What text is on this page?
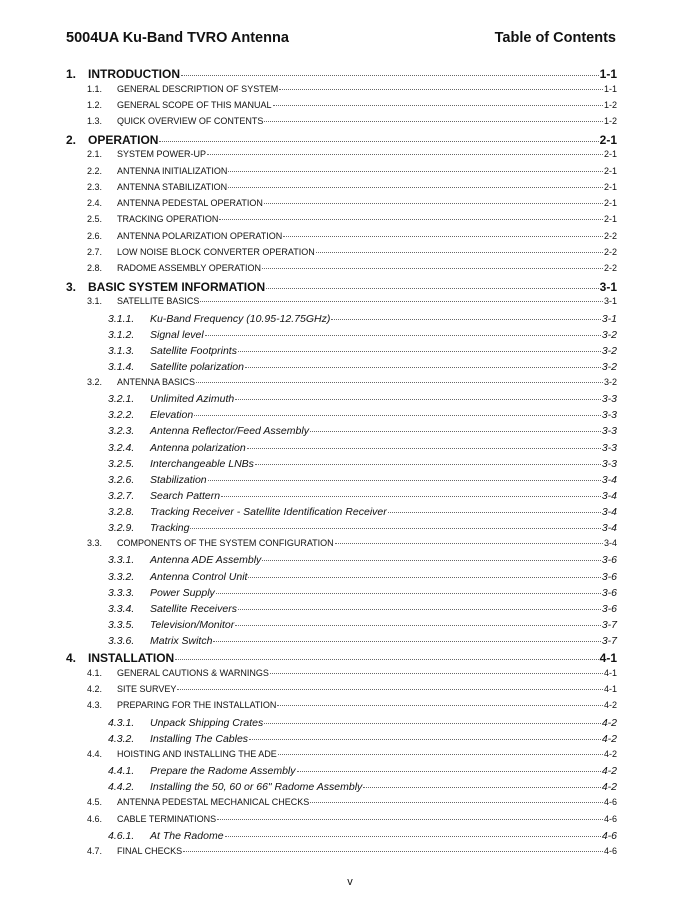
5004UA Ku-Band TVRO Antenna	Table of Contents
1. INTRODUCTION	1-1
1.1.	GENERAL DESCRIPTION OF SYSTEM	1-1
1.2.	GENERAL SCOPE OF THIS MANUAL	1-2
1.3.	QUICK OVERVIEW OF CONTENTS	1-2
2. OPERATION	2-1
2.1.	SYSTEM POWER-UP	2-1
2.2.	ANTENNA INITIALIZATION	2-1
2.3.	ANTENNA STABILIZATION	2-1
2.4.	ANTENNA PEDESTAL OPERATION	2-1
2.5.	TRACKING OPERATION	2-1
2.6.	ANTENNA POLARIZATION OPERATION	2-2
2.7.	LOW NOISE BLOCK CONVERTER OPERATION	2-2
2.8.	RADOME ASSEMBLY OPERATION	2-2
3. BASIC SYSTEM INFORMATION	3-1
3.1.	SATELLITE BASICS	3-1
3.1.1.	Ku-Band Frequency (10.95-12.75GHz)	3-1
3.1.2.	Signal level	3-2
3.1.3.	Satellite Footprints	3-2
3.1.4.	Satellite polarization	3-2
3.2.	ANTENNA BASICS	3-2
3.2.1.	Unlimited Azimuth	3-3
3.2.2.	Elevation	3-3
3.2.3.	Antenna Reflector/Feed Assembly	3-3
3.2.4.	Antenna polarization	3-3
3.2.5.	Interchangeable LNBs	3-3
3.2.6.	Stabilization	3-4
3.2.7.	Search Pattern	3-4
3.2.8.	Tracking Receiver - Satellite Identification Receiver	3-4
3.2.9.	Tracking	3-4
3.3.	COMPONENTS OF THE SYSTEM CONFIGURATION	3-4
3.3.1.	Antenna ADE Assembly	3-6
3.3.2.	Antenna Control Unit	3-6
3.3.3.	Power Supply	3-6
3.3.4.	Satellite Receivers	3-6
3.3.5.	Television/Monitor	3-7
3.3.6.	Matrix Switch	3-7
4. INSTALLATION	4-1
4.1.	GENERAL CAUTIONS & WARNINGS	4-1
4.2.	SITE SURVEY	4-1
4.3.	PREPARING FOR THE INSTALLATION	4-2
4.3.1.	Unpack Shipping Crates	4-2
4.3.2.	Installing The Cables	4-2
4.4.	HOISTING AND INSTALLING THE ADE	4-2
4.4.1.	Prepare the Radome Assembly	4-2
4.4.2.	Installing the 50, 60 or 66" Radome Assembly	4-2
4.5.	ANTENNA PEDESTAL MECHANICAL CHECKS	4-6
4.6.	CABLE TERMINATIONS	4-6
4.6.1.	At The Radome	4-6
4.7.	FINAL CHECKS	4-6
v
